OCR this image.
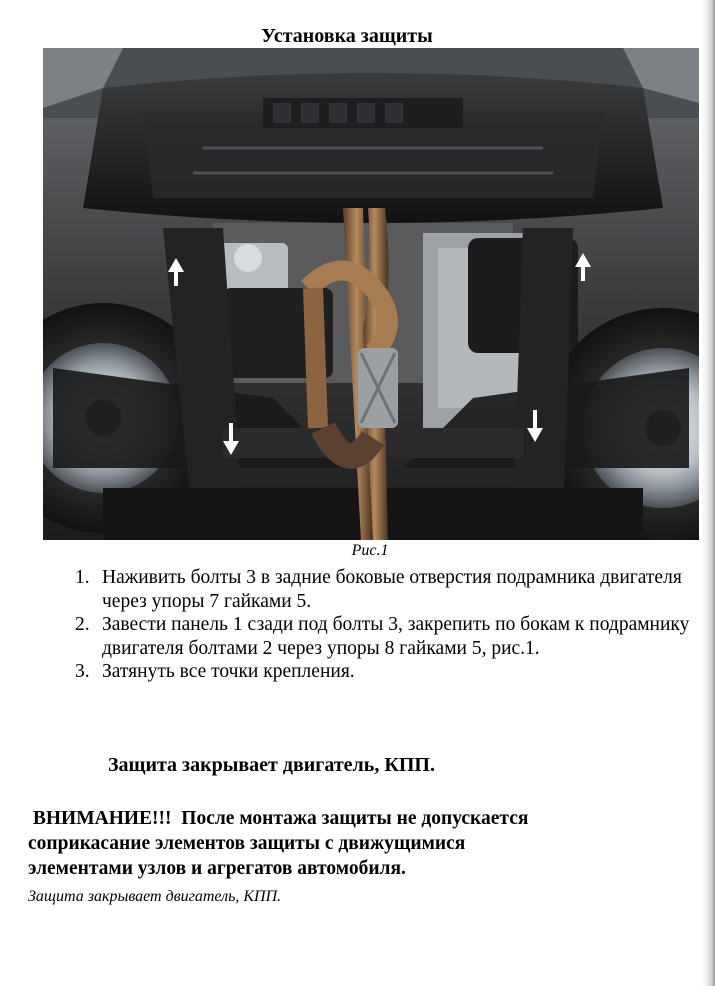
Установка защиты
Рис.1
1. Наживить болты 3 в задние боковые отверстия подрамника двигателя через упоры 7 гайками 5.
2. Завести панель 1 сзади под болты 3, закрепить по бокам к подрамнику двигателя болтами 2 через упоры 8 гайками 5, рис.1.
3. Затянуть все точки крепления.
Защита закрывает двигатель, КПП.
ВНИМАНИЕ!!!  После монтажа защиты не допускается
соприкасание элементов защиты с движущимися
элементами узлов и агрегатов автомобиля.
Защита закрывает двигатель, КПП.
